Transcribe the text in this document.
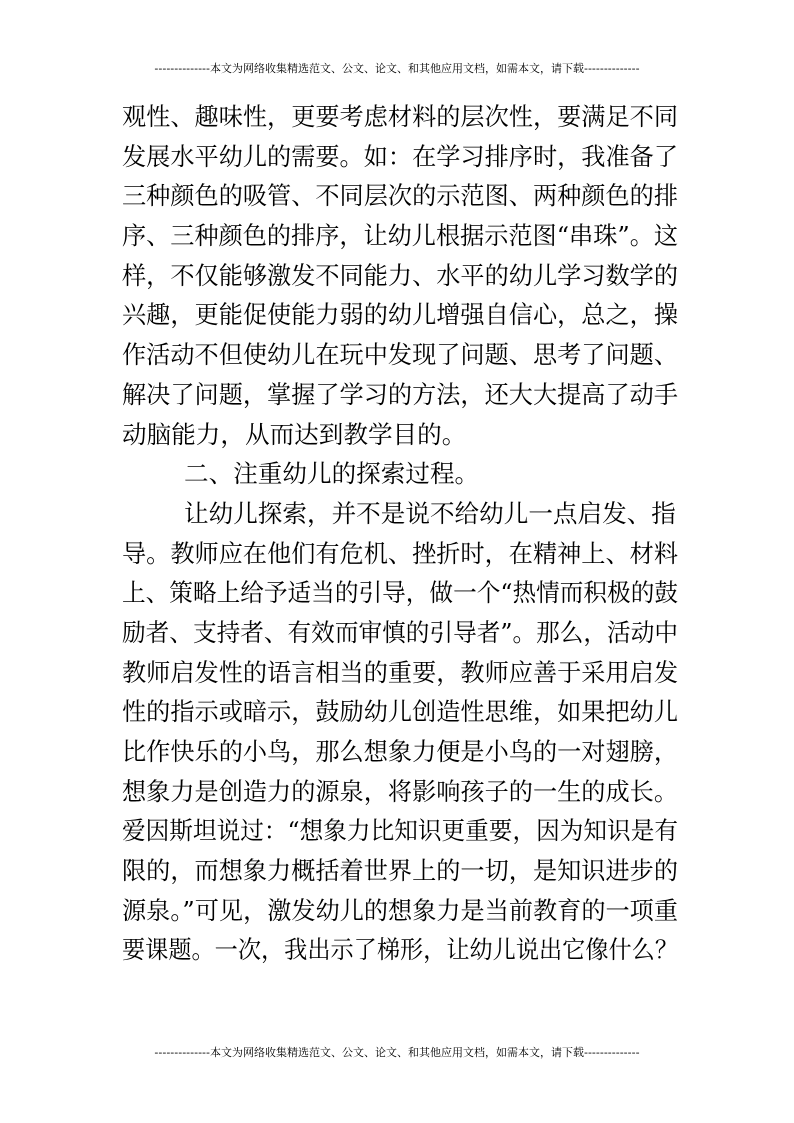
--------------本文为网络收集精选范文、公文、论文、和其他应用文档，如需本文，请下载--------------
观性、趣味性，更要考虑材料的层次性，要满足不同
发展水平幼儿的需要。如：在学习排序时，我准备了
三种颜色的吸管、不同层次的示范图、两种颜色的排
序、三种颜色的排序，让幼儿根据示范图“串珠”。这
样，不仅能够激发不同能力、水平的幼儿学习数学的
兴趣，更能促使能力弱的幼儿增强自信心，总之，操
作活动不但使幼儿在玩中发现了问题、思考了问题、
解决了问题，掌握了学习的方法，还大大提高了动手
动脑能力，从而达到教学目的。
二、注重幼儿的探索过程。
让幼儿探索，并不是说不给幼儿一点启发、指
导。教师应在他们有危机、挫折时，在精神上、材料
上、策略上给予适当的引导，做一个“热情而积极的鼓
励者、支持者、有效而审慎的引导者”。那么，活动中
教师启发性的语言相当的重要，教师应善于采用启发
性的指示或暗示，鼓励幼儿创造性思维，如果把幼儿
比作快乐的小鸟，那么想象力便是小鸟的一对翅膀，
想象力是创造力的源泉，将影响孩子的一生的成长。
爱因斯坦说过：“想象力比知识更重要，因为知识是有
限的，而想象力概括着世界上的一切，是知识进步的
源泉。”可见，激发幼儿的想象力是当前教育的一项重
要课题。一次，我出示了梯形，让幼儿说出它像什么？
--------------本文为网络收集精选范文、公文、论文、和其他应用文档，如需本文，请下载--------------
